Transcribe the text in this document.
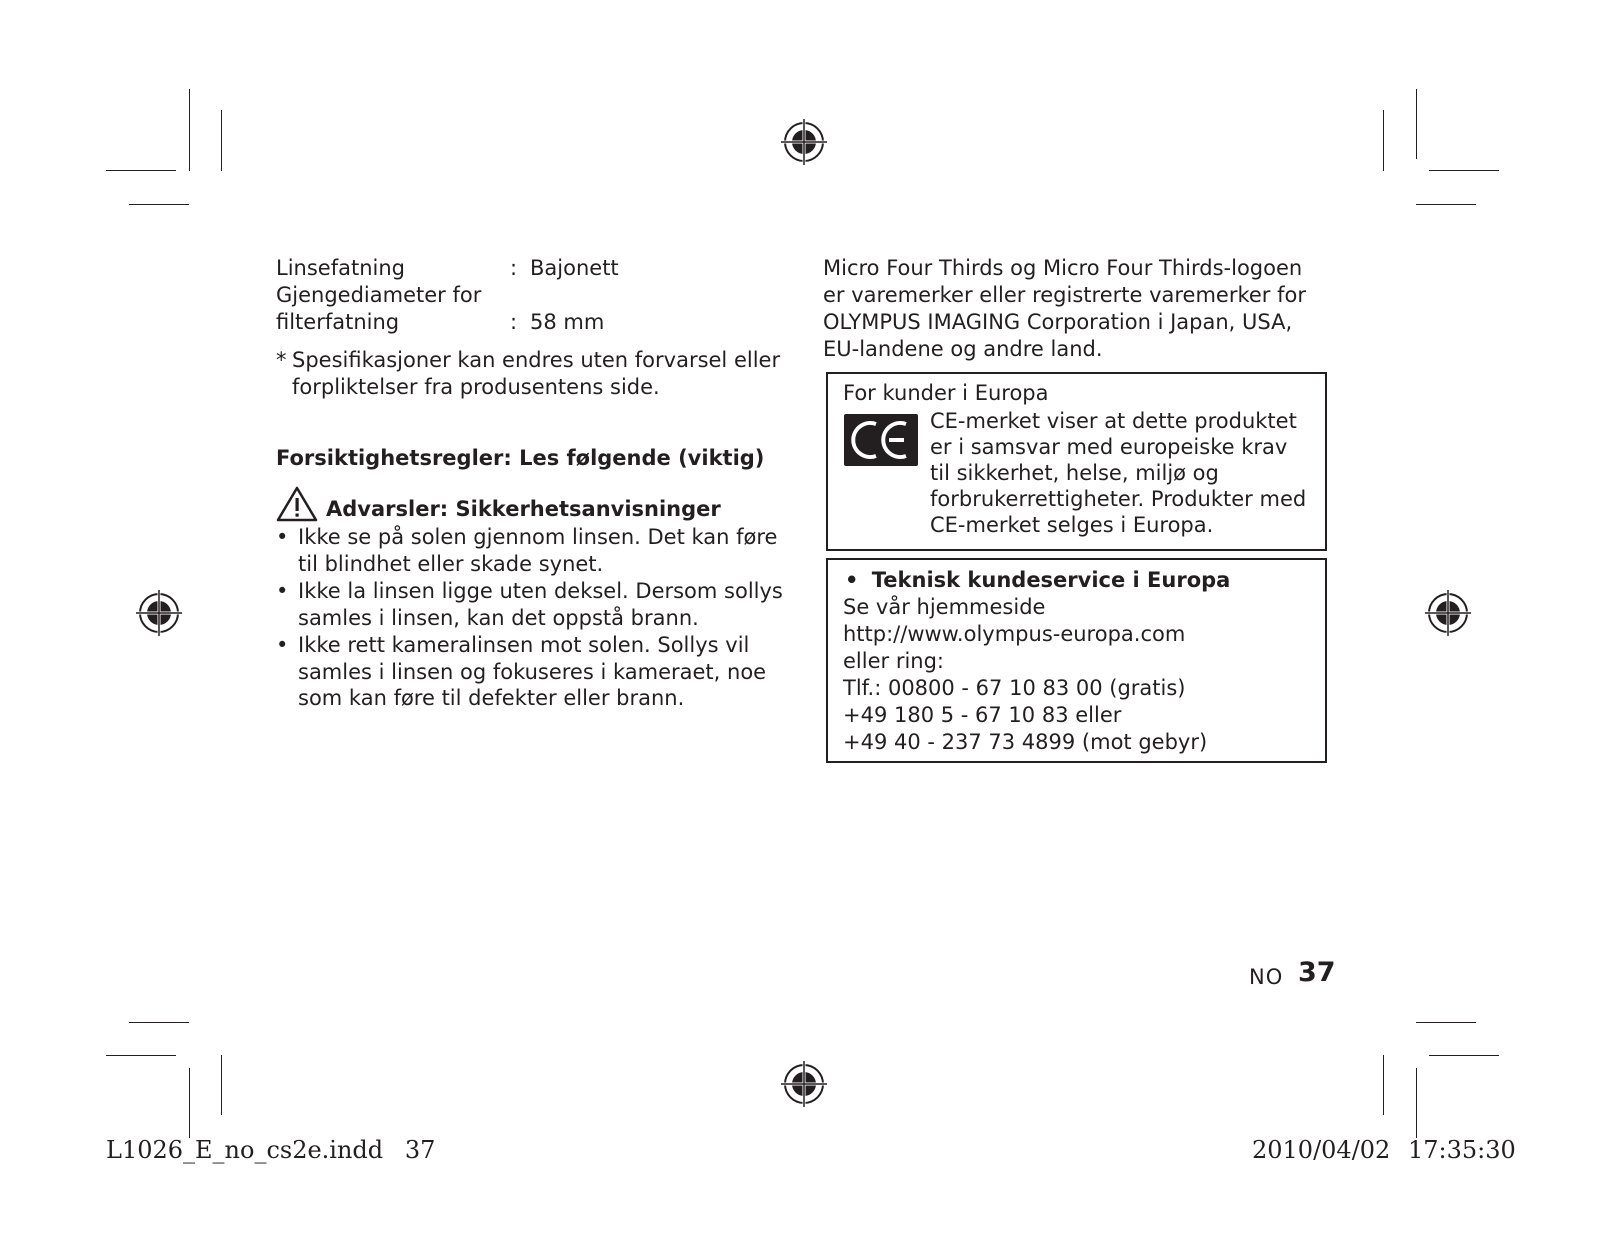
Linsefatning	: Bajonett
Gjengediameter for
filterfatning	: 58 mm
* Spesifikasjoner kan endres uten forvarsel eller
forpliktelser fra produsentens side.
Forsiktighetsregler: Les følgende (viktig)
Advarsler: Sikkerhetsanvisninger
• Ikke se på solen gjennom linsen. Det kan føre
til blindhet eller skade synet.
• Ikke la linsen ligge uten deksel. Dersom sollys
samles i linsen, kan det oppstå brann.
• Ikke rett kameralinsen mot solen. Sollys vil
samles i linsen og fokuseres i kameraet, noe
som kan føre til defekter eller brann.
Micro Four Thirds og Micro Four Thirds-logoen
er varemerker eller registrerte varemerker for
OLYMPUS IMAGING Corporation i Japan, USA,
EU-landene og andre land.
For kunder i Europa
CE-merket viser at dette produktet
er i samsvar med europeiske krav
til sikkerhet, helse, miljø og
forbrukerrettigheter. Produkter med
CE-merket selges i Europa.
• Teknisk kundeservice i Europa
Se vår hjemmeside
http://www.olympus-europa.com
eller ring:
Tlf.: 00800 - 67 10 83 00 (gratis)
+49 180 5 - 67 10 83 eller
+49 40 - 237 73 4899 (mot gebyr)
NO 37
L1026_E_no_cs2e.indd 37	2010/04/02 17:35:30
